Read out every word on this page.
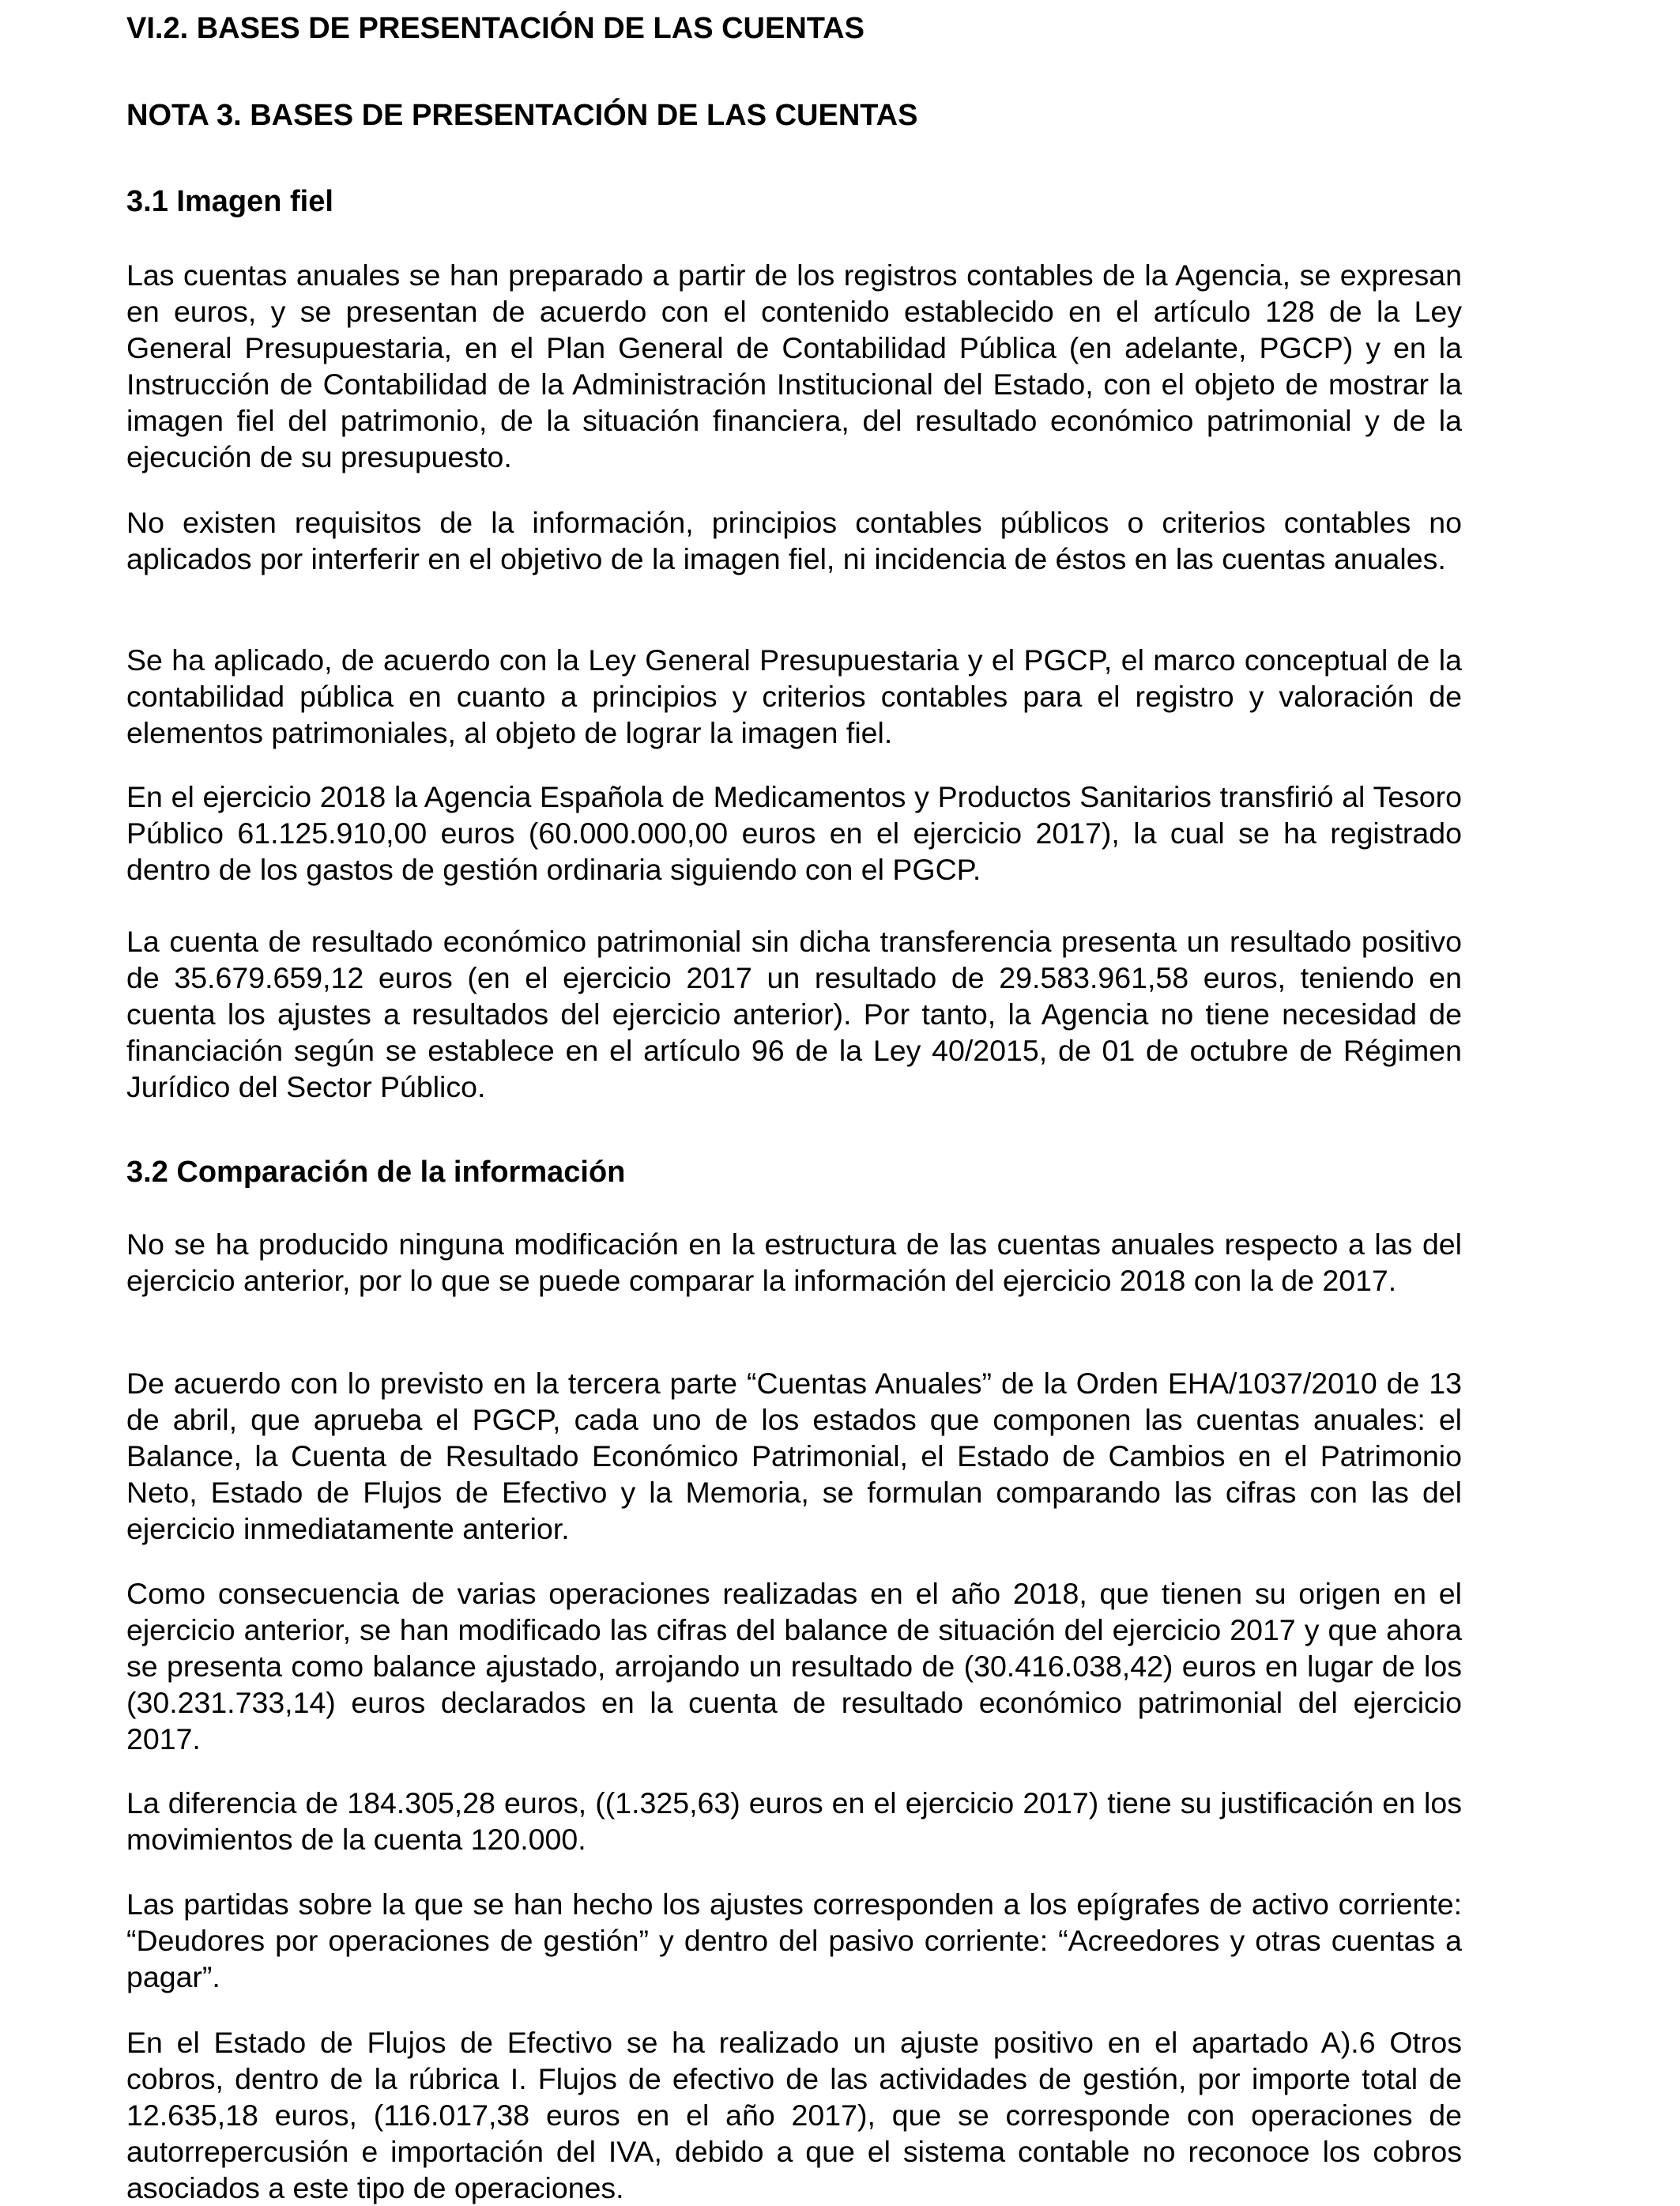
VI.2. BASES DE PRESENTACIÓN DE LAS CUENTAS
NOTA 3. BASES DE PRESENTACIÓN DE LAS CUENTAS
3.1 Imagen fiel

Las cuentas anuales se han preparado a partir de los registros contables de la Agencia, se expresan en euros, y se presentan de acuerdo con el contenido establecido en el artículo 128 de la Ley General Presupuestaria, en el Plan General de Contabilidad Pública (en adelante, PGCP) y en la Instrucción de Contabilidad de la Administración Institucional del Estado, con el objeto de mostrar la imagen fiel del patrimonio, de la situación financiera, del resultado económico patrimonial y de la ejecución de su presupuesto.

No existen requisitos de la información, principios contables públicos o criterios contables no aplicados por interferir en el objetivo de la imagen fiel, ni incidencia de éstos en las cuentas anuales.

Se ha aplicado, de acuerdo con la Ley General Presupuestaria y el PGCP, el marco conceptual de la contabilidad pública en cuanto a principios y criterios contables para el registro y valoración de elementos patrimoniales, al objeto de lograr la imagen fiel.

En el ejercicio 2018 la Agencia Española de Medicamentos y Productos Sanitarios transfirió al Tesoro Público 61.125.910,00 euros (60.000.000,00 euros en el ejercicio 2017), la cual se ha registrado dentro de los gastos de gestión ordinaria siguiendo con el PGCP.

La cuenta de resultado económico patrimonial sin dicha transferencia presenta un resultado positivo de 35.679.659,12 euros (en el ejercicio 2017 un resultado de 29.583.961,58 euros, teniendo en cuenta los ajustes a resultados del ejercicio anterior). Por tanto, la Agencia no tiene necesidad de financiación según se establece en el artículo 96 de la Ley 40/2015, de 01 de octubre de Régimen Jurídico del Sector Público.

3.2 Comparación de la información

No se ha producido ninguna modificación en la estructura de las cuentas anuales respecto a las del ejercicio anterior, por lo que se puede comparar la información del ejercicio 2018 con la de 2017.

De acuerdo con lo previsto en la tercera parte “Cuentas Anuales” de la Orden EHA/1037/2010 de 13 de abril, que aprueba el PGCP, cada uno de los estados que componen las cuentas anuales: el Balance, la Cuenta de Resultado Económico Patrimonial, el Estado de Cambios en el Patrimonio Neto, Estado de Flujos de Efectivo y la Memoria, se formulan comparando las cifras con las del ejercicio inmediatamente anterior.

Como consecuencia de varias operaciones realizadas en el año 2018, que tienen su origen en el ejercicio anterior, se han modificado las cifras del balance de situación del ejercicio 2017 y que ahora se presenta como balance ajustado, arrojando un resultado de (30.416.038,42) euros en lugar de los (30.231.733,14) euros declarados en la cuenta de resultado económico patrimonial del ejercicio 2017.

La diferencia de 184.305,28 euros, ((1.325,63) euros en el ejercicio 2017) tiene su justificación en los movimientos de la cuenta 120.000.

Las partidas sobre la que se han hecho los ajustes corresponden a los epígrafes de activo corriente: “Deudores por operaciones de gestión” y dentro del pasivo corriente: “Acreedores y otras cuentas a pagar”.

En el Estado de Flujos de Efectivo se ha realizado un ajuste positivo en el apartado A).6 Otros cobros, dentro de la rúbrica I. Flujos de efectivo de las actividades de gestión, por importe total de 12.635,18 euros, (116.017,38 euros en el año 2017), que se corresponde con operaciones de autorrepercusión e importación del IVA, debido a que el sistema contable no reconoce los cobros asociados a este tipo de operaciones.
